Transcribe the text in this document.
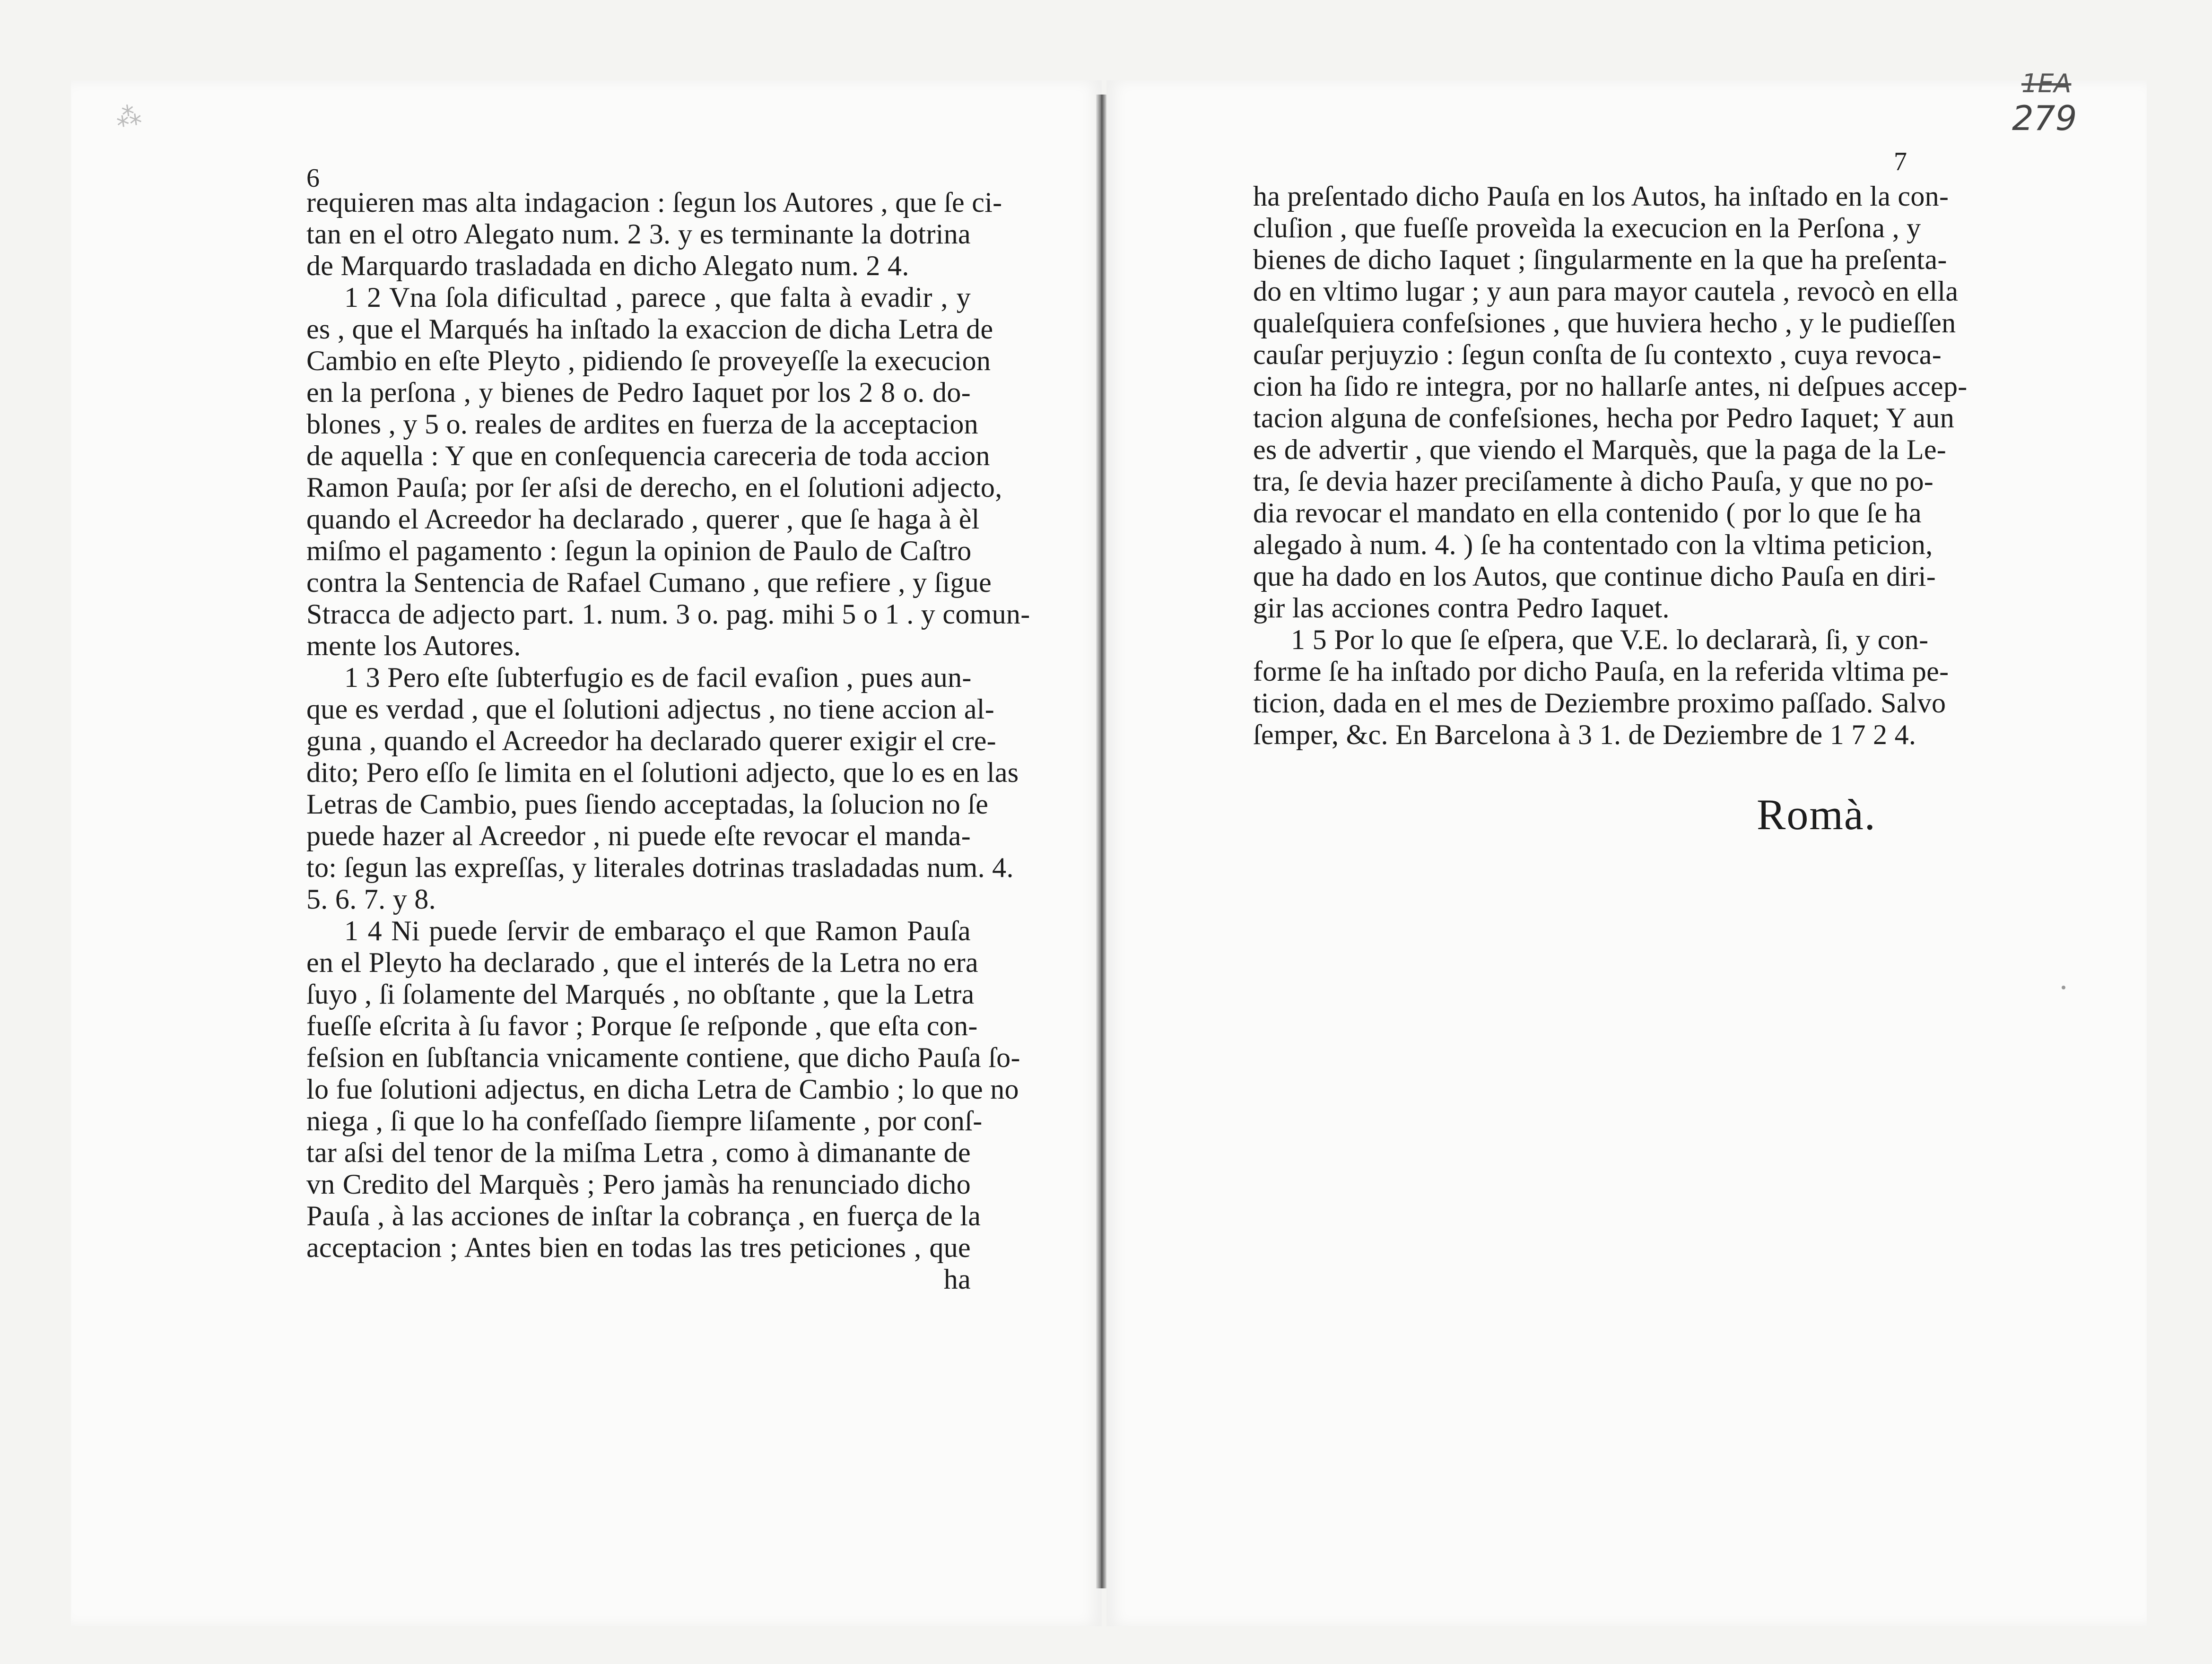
⁂
1EA
279
6
requieren mas alta indagacion : ſegun los Autores , que ſe ci-
tan en el otro Alegato num. 2 3. y es terminante la dotrina
de Marquardo trasladada en dicho Alegato num. 2 4.
1 2 Vna ſola dificultad , parece , que falta à evadir , y
es , que el Marqués ha inſtado la exaccion de dicha Letra de
Cambio en eſte Pleyto , pidiendo ſe proveyeſſe la execucion
en la perſona , y bienes de Pedro Iaquet por los 2 8 o. do-
blones , y 5 o. reales de ardites en fuerza de la acceptacion
de aquella : Y que en conſequencia careceria de toda accion
Ramon Pauſa; por ſer aſsi de derecho, en el ſolutioni adjecto,
quando el Acreedor ha declarado , querer , que ſe haga à èl
miſmo el pagamento : ſegun la opinion de Paulo de Caſtro
contra la Sentencia de Rafael Cumano , que refiere , y ſigue
Stracca de adjecto part. 1. num. 3 o. pag. mihi 5 o 1 . y comun-
mente los Autores.
1 3 Pero eſte ſubterfugio es de facil evaſion , pues aun-
que es verdad , que el ſolutioni adjectus , no tiene accion al-
guna , quando el Acreedor ha declarado querer exigir el cre-
dito; Pero eſſo ſe limita en el ſolutioni adjecto, que lo es en las
Letras de Cambio, pues ſiendo acceptadas, la ſolucion no ſe
puede hazer al Acreedor , ni puede eſte revocar el manda-
to: ſegun las expreſſas, y literales dotrinas trasladadas num. 4.
5. 6. 7. y 8.
1 4 Ni puede ſervir de embaraço el que Ramon Pauſa
en el Pleyto ha declarado , que el interés de la Letra no era
ſuyo , ſi ſolamente del Marqués , no obſtante , que la Letra
fueſſe eſcrita à ſu favor ; Porque ſe reſponde , que eſta con-
feſsion en ſubſtancia vnicamente contiene, que dicho Pauſa ſo-
lo fue ſolutioni adjectus, en dicha Letra de Cambio ; lo que no
niega , ſi que lo ha confeſſado ſiempre liſamente , por conſ-
tar aſsi del tenor de la miſma Letra , como à dimanante de
vn Credito del Marquès ; Pero jamàs ha renunciado dicho
Pauſa , à las acciones de inſtar la cobrança , en fuerça de la
acceptacion ; Antes bien en todas las tres peticiones , que
ha
7
ha preſentado dicho Pauſa en los Autos, ha inſtado en la con-
cluſion , que fueſſe proveìda la execucion en la Perſona , y
bienes de dicho Iaquet ; ſingularmente en la que ha preſenta-
do en vltimo lugar ; y aun para mayor cautela , revocò en ella
qualeſquiera confeſsiones , que huviera hecho , y le pudieſſen
cauſar perjuyzio : ſegun conſta de ſu contexto , cuya revoca-
cion ha ſido re integra, por no hallarſe antes, ni deſpues accep-
tacion alguna de confeſsiones, hecha por Pedro Iaquet; Y aun
es de advertir , que viendo el Marquès, que la paga de la Le-
tra, ſe devia hazer preciſamente à dicho Pauſa, y que no po-
dia revocar el mandato en ella contenido ( por lo que ſe ha
alegado à num. 4. ) ſe ha contentado con la vltima peticion,
que ha dado en los Autos, que continue dicho Pauſa en diri-
gir las acciones contra Pedro Iaquet.
1 5 Por lo que ſe eſpera, que V.E. lo declararà, ſi, y con-
forme ſe ha inſtado por dicho Pauſa, en la referida vltima pe-
ticion, dada en el mes de Deziembre proximo paſſado. Salvo
ſemper, &c. En Barcelona à 3 1. de Deziembre de 1 7 2 4.
Romà.
